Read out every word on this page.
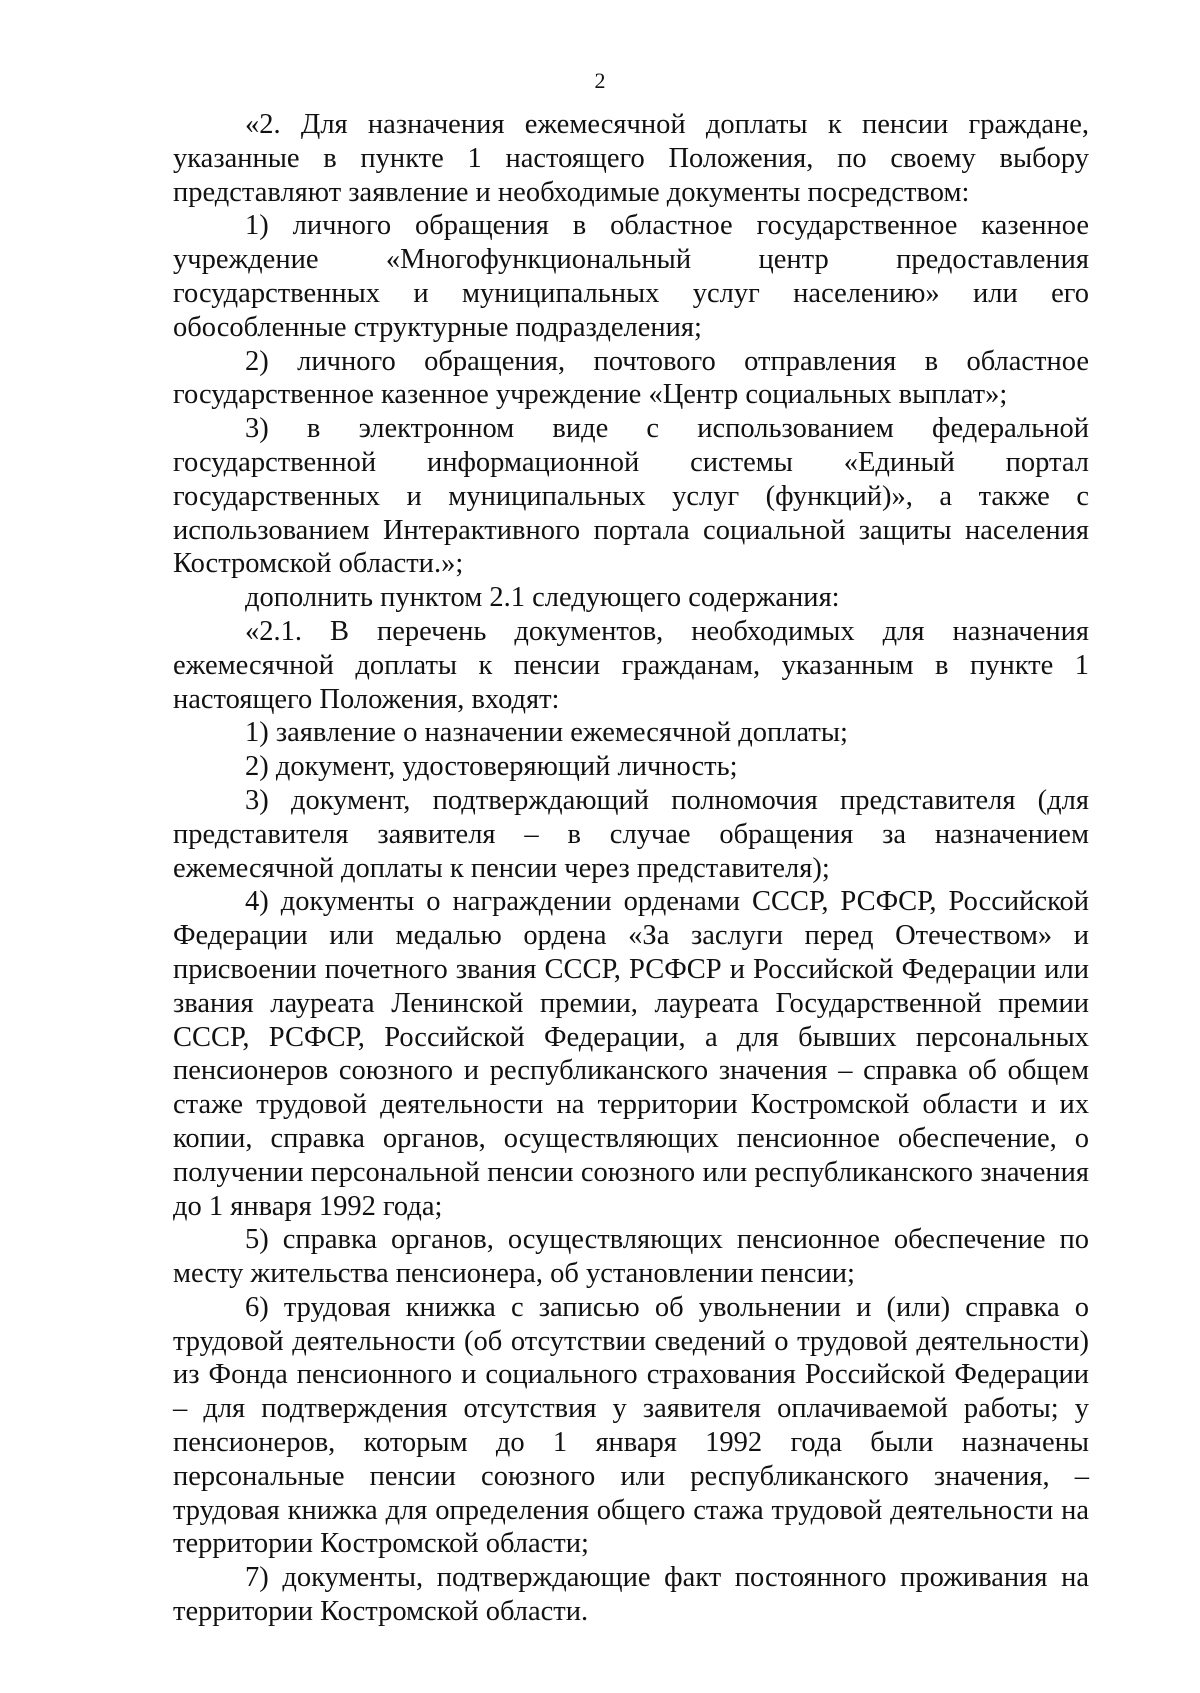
2

«2. Для назначения ежемесячной доплаты к пенсии граждане, указанные в пункте 1 настоящего Положения, по своему выбору представляют заявление и необходимые документы посредством:

1) личного обращения в областное государственное казенное учреждение «Многофункциональный центр предоставления государственных и муниципальных услуг населению» или его обособленные структурные подразделения;

2) личного обращения, почтового отправления в областное государственное казенное учреждение «Центр социальных выплат»;

3) в электронном виде с использованием федеральной государственной информационной системы «Единый портал государственных и муниципальных услуг (функций)», а также с использованием Интерактивного портала социальной защиты населения Костромской области.»;

дополнить пунктом 2.1 следующего содержания:

«2.1. В перечень документов, необходимых для назначения ежемесячной доплаты к пенсии гражданам, указанным в пункте 1 настоящего Положения, входят:

1) заявление о назначении ежемесячной доплаты;

2) документ, удостоверяющий личность;

3) документ, подтверждающий полномочия представителя (для представителя заявителя – в случае обращения за назначением ежемесячной доплаты к пенсии через представителя);

4) документы о награждении орденами СССР, РСФСР, Российской Федерации или медалью ордена «За заслуги перед Отечеством» и присвоении почетного звания СССР, РСФСР и Российской Федерации или звания лауреата Ленинской премии, лауреата Государственной премии СССР, РСФСР, Российской Федерации, а для бывших персональных пенсионеров союзного и республиканского значения – справка об общем стаже трудовой деятельности на территории Костромской области и их копии, справка органов, осуществляющих пенсионное обеспечение, о получении персональной пенсии союзного или республиканского значения до 1 января 1992 года;

5) справка органов, осуществляющих пенсионное обеспечение по месту жительства пенсионера, об установлении пенсии;

6) трудовая книжка с записью об увольнении и (или) справка о трудовой деятельности (об отсутствии сведений о трудовой деятельности) из Фонда пенсионного и социального страхования Российской Федерации – для подтверждения отсутствия у заявителя оплачиваемой работы; у пенсионеров, которым до 1 января 1992 года были назначены персональные пенсии союзного или республиканского значения, – трудовая книжка для определения общего стажа трудовой деятельности на территории Костромской области;

7) документы, подтверждающие факт постоянного проживания на территории Костромской области.
